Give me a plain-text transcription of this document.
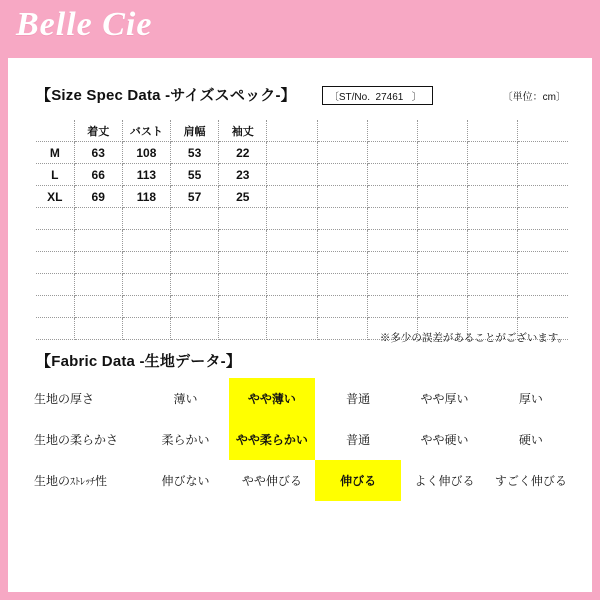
Belle Cie
【Size Spec Data -サイズスペック-】	〔ST/No.  27461   〕	〔単位：cm〕
	着丈	バスト	肩幅	袖丈						
M	63	108	53	22						
L	66	113	55	23						
XL	69	118	57	25						

※多少の誤差があることがございます。
【Fabric Data -生地データ-】
生地の厚さ	薄い	やや薄い	普通	やや厚い	厚い
生地の柔らかさ	柔らかい	やや柔らかい	普通	やや硬い	硬い
生地のｽﾄﾚｯﾁ性	伸びない	やや伸びる	伸びる	よく伸びる	すごく伸びる
